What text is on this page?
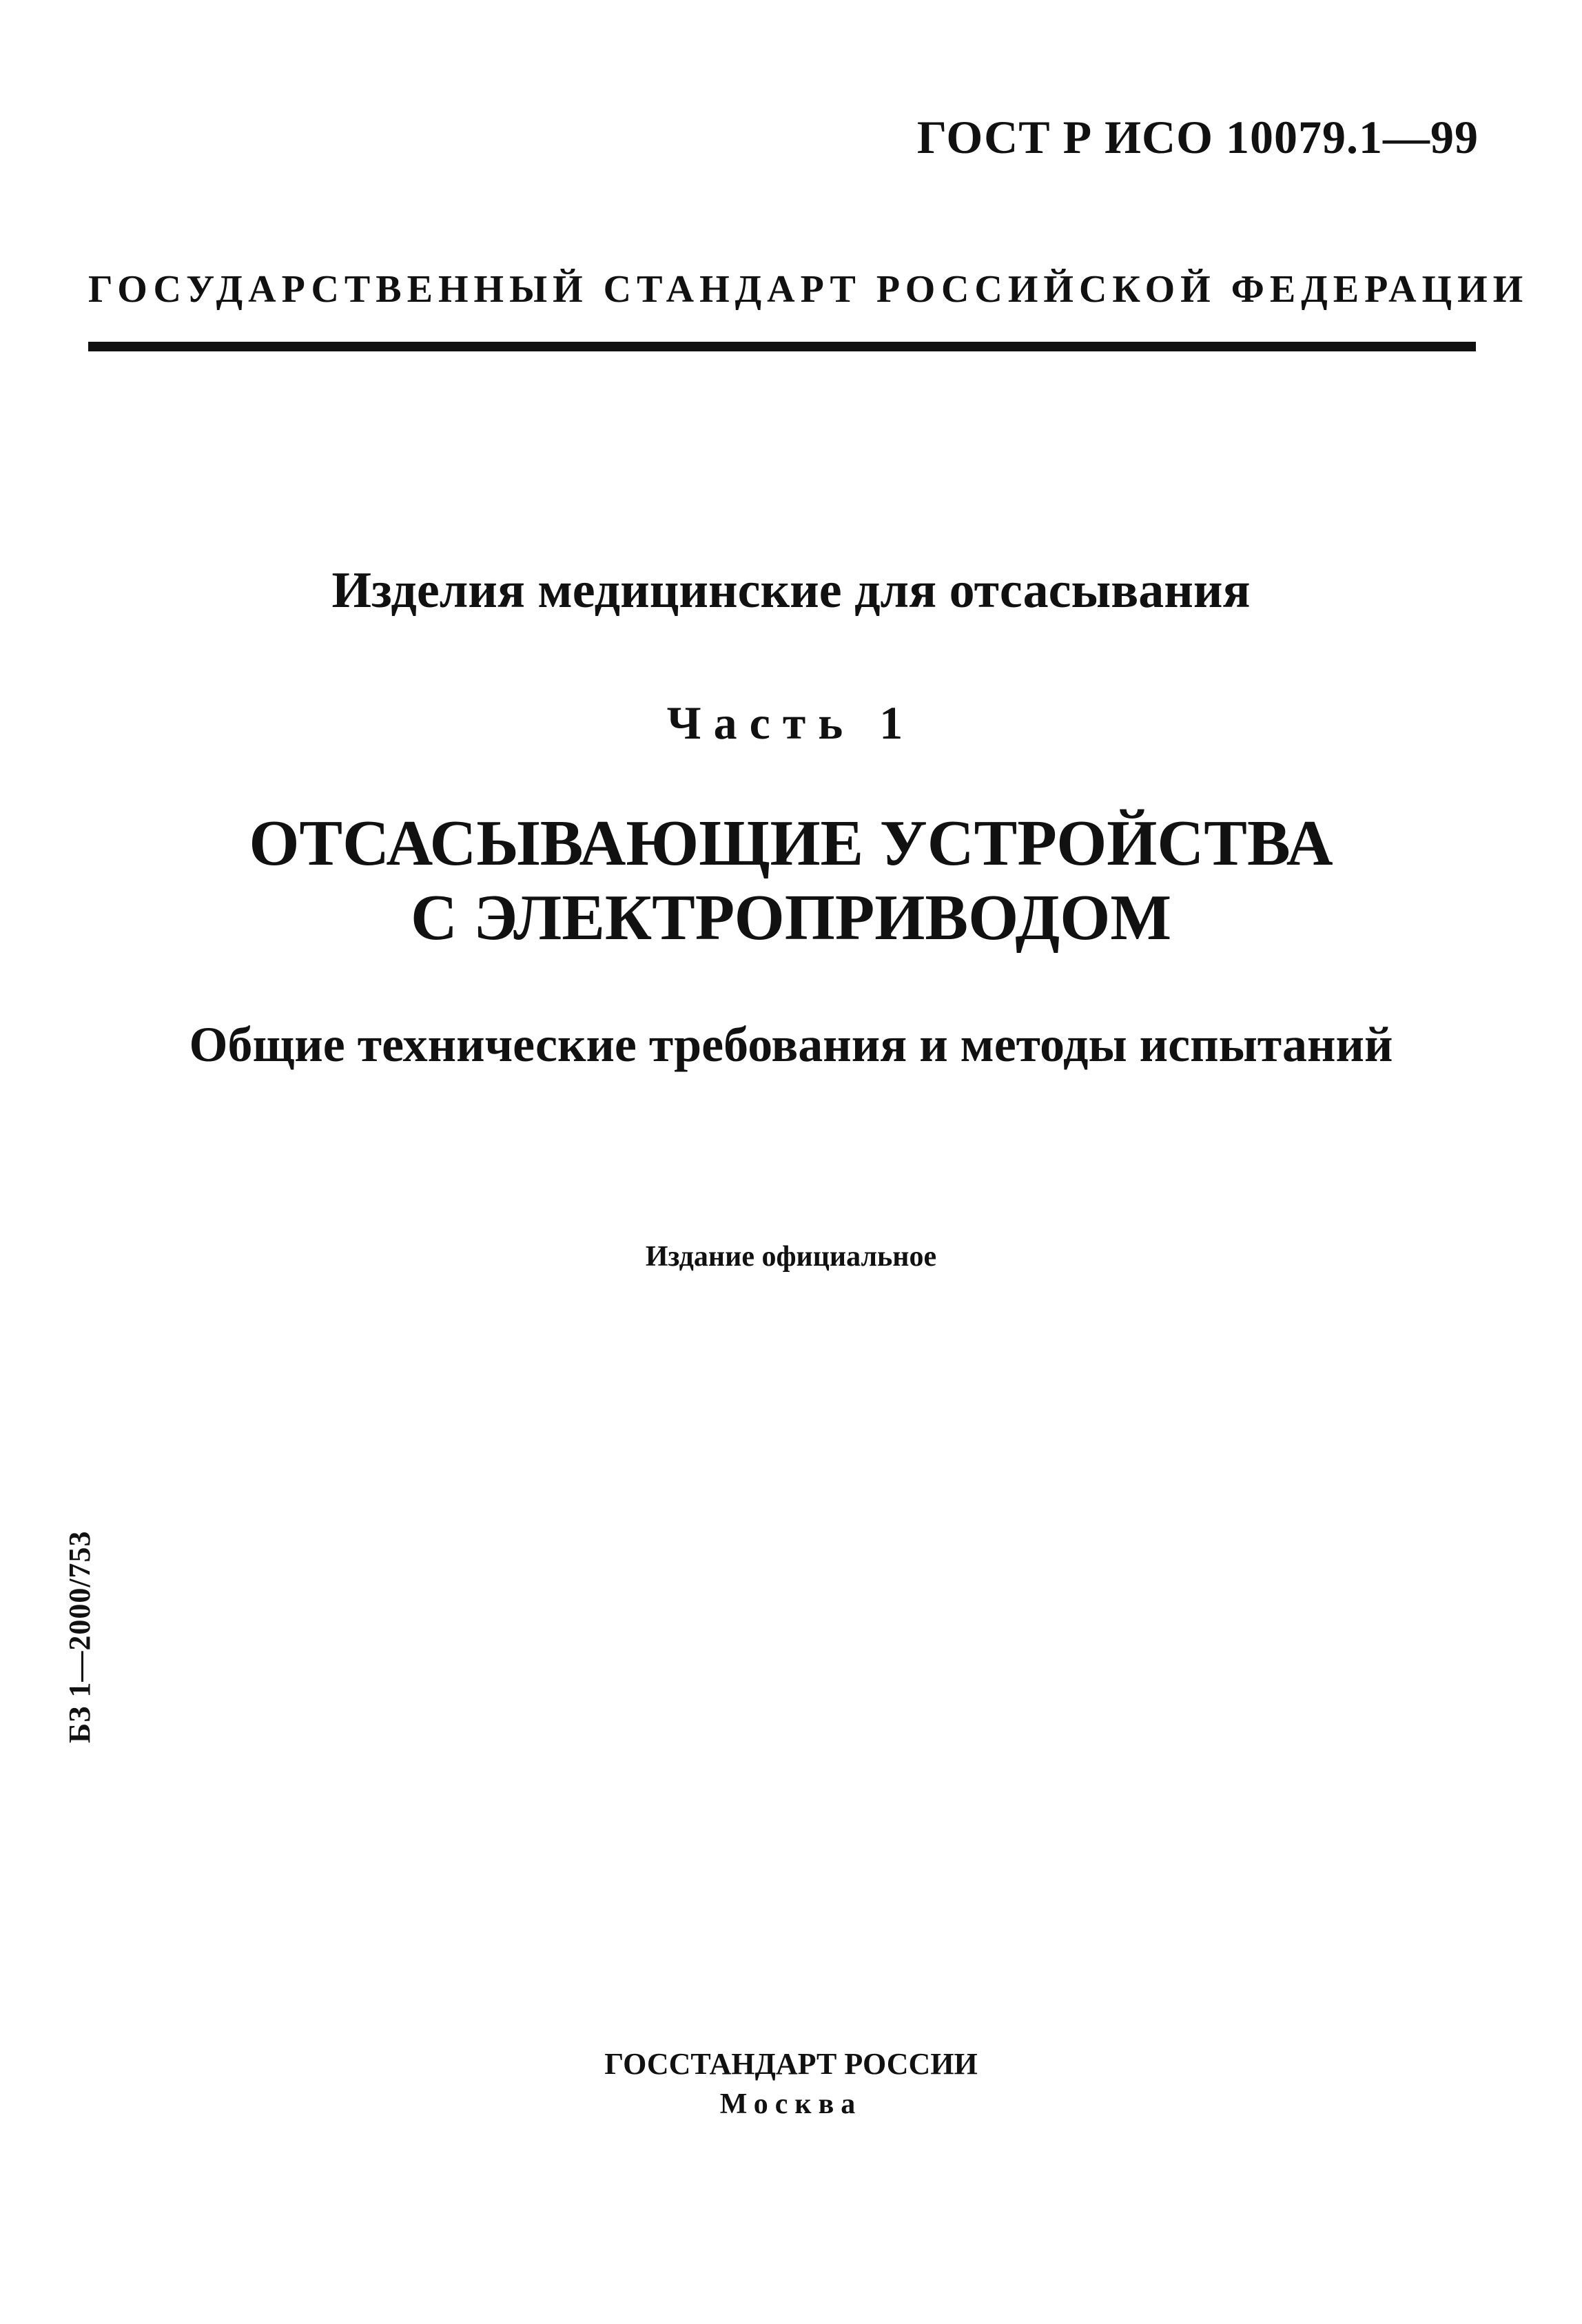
ГОСТ Р ИСО 10079.1—99
ГОСУДАРСТВЕННЫЙ СТАНДАРТ РОССИЙСКОЙ ФЕДЕРАЦИИ
Изделия медицинские для отсасывания
Часть 1
ОТСАСЫВАЮЩИЕ УСТРОЙСТВА
С ЭЛЕКТРОПРИВОДОМ
Общие технические требования и методы испытаний
Издание официальное
БЗ 1—2000/753
ГОССТАНДАРТ РОССИИ
Москва
